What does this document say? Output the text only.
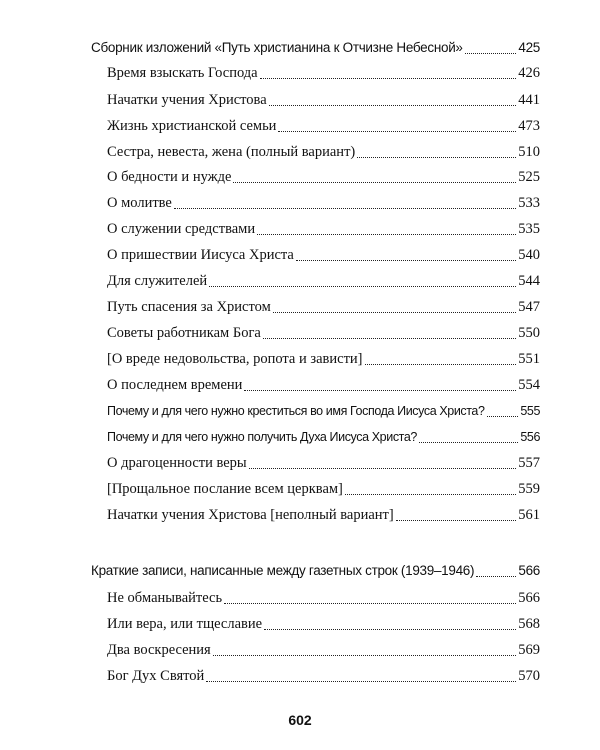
Сборник изложений «Путь христианина к Отчизне Небесной»	425
Время взыскать Господа	426
Начатки учения Христова	441
Жизнь христианской семьи	473
Сестра, невеста, жена (полный вариант)	510
О бедности и нужде	525
О молитве	533
О служении средствами	535
О пришествии Иисуса Христа	540
Для служителей	544
Путь спасения за Христом	547
Советы работникам Бога	550
[О вреде недовольства, ропота и зависти]	551
О последнем времени	554
Почему и для чего нужно креститься во имя Господа Иисуса Христа?	555
Почему и для чего нужно получить Духа Иисуса Христа?	556
О драгоценности веры	557
[Прощальное послание всем церквам]	559
Начатки учения Христова [неполный вариант]	561
Краткие записи, написанные между газетных строк (1939–1946)	566
Не обманывайтесь	566
Или вера, или тщеславие	568
Два воскресения	569
Бог Дух Святой	570
602
